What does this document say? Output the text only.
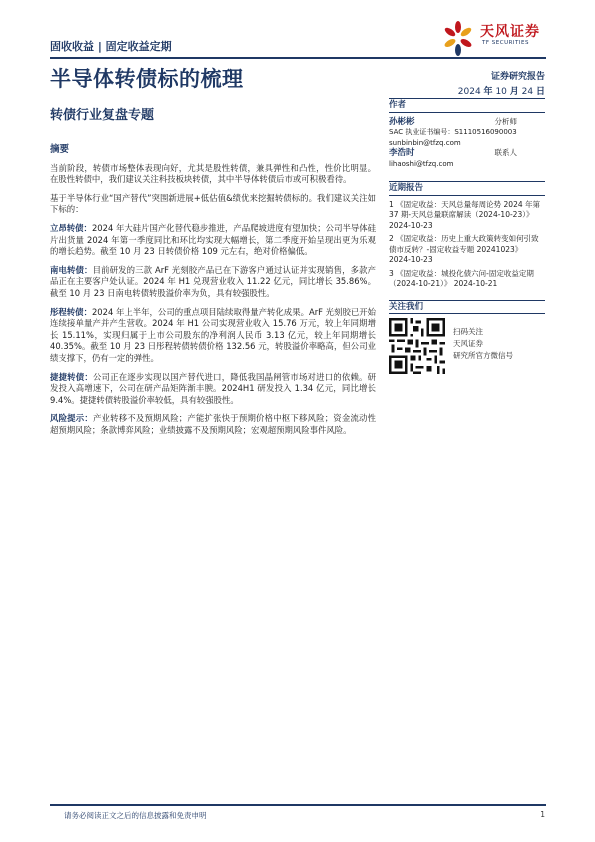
固收收益 | 固定收益定期
天风证券
TF SECURITIES
半导体转债标的梳理	证券研究报告
2024 年 10 月 24 日
转债行业复盘专题
摘要

当前阶段，转债市场整体表现向好，尤其是股性转债，兼具弹性和凸性，性价比明显。在股性转债中，我们建议关注科技板块转债，其中半导体转债后市或可积极看待。

基于半导体行业“国产替代”突围新进展+低估值&绩优来挖掘转债标的。我们建议关注如下标的：

立昂转债：2024 年大硅片国产化替代稳步推进，产品爬坡进度有望加快；公司半导体硅片出货量 2024 年第一季度同比和环比均实现大幅增长，第二季度开始呈现出更为乐观的增长趋势。截至 10 月 23 日转债价格 109 元左右，绝对价格偏低。

南电转债：目前研发的三款 ArF 光刻胶产品已在下游客户通过认证并实现销售，多款产品正在主要客户处认证。2024 年 H1 兑现营业收入 11.22 亿元，同比增长 35.86%。截至 10 月 23 日南电转债转股溢价率为负，具有较强股性。

彤程转债：2024 年上半年，公司的重点项目陆续取得量产转化成果。ArF 光刻胶已开始连续接单量产并产生营收。2024 年 H1 公司实现营业收入 15.76 万元，较上年同期增长 15.11%，实现归属于上市公司股东的净利润人民币 3.13 亿元，较上年同期增长 40.35%。截至 10 月 23 日彤程转债转债价格 132.56 元，转股溢价率略高，但公司业绩支撑下，仍有一定的弹性。

捷捷转债：公司正在逐步实现以国产替代进口，降低我国晶闸管市场对进口的依赖。研发投入高增速下，公司在研产品矩阵渐丰腴。2024H1 研发投入 1.34 亿元，同比增长 9.4%。捷捷转债转股溢价率较低，具有较强股性。

风险提示：产业转移不及预期风险；产能扩张快于预期价格中枢下移风险；资金流动性超预期风险；条款博弈风险；业绩披露不及预期风险；宏观超预期风险事件风险。

作者
孙彬彬	分析师
SAC 执业证书编号：S1110516090003
sunbinbin@tfzq.com
李浩时	联系人
lihaoshi@tfzq.com
近期报告
1 《固定收益：天风总量每周论势 2024 年第 37 期-天风总量联席解读（2024-10-23）》 2024-10-23
2 《固定收益：历史上重大政策转变如何引致债市反转？-固定收益专题 20241023》 2024-10-23
3 《固定收益：城投化债六问-固定收益定期（2024-10-21）》 2024-10-21
关注我们
扫码关注
天风证券
研究所官方微信号
请务必阅读正文之后的信息披露和免责申明	1
